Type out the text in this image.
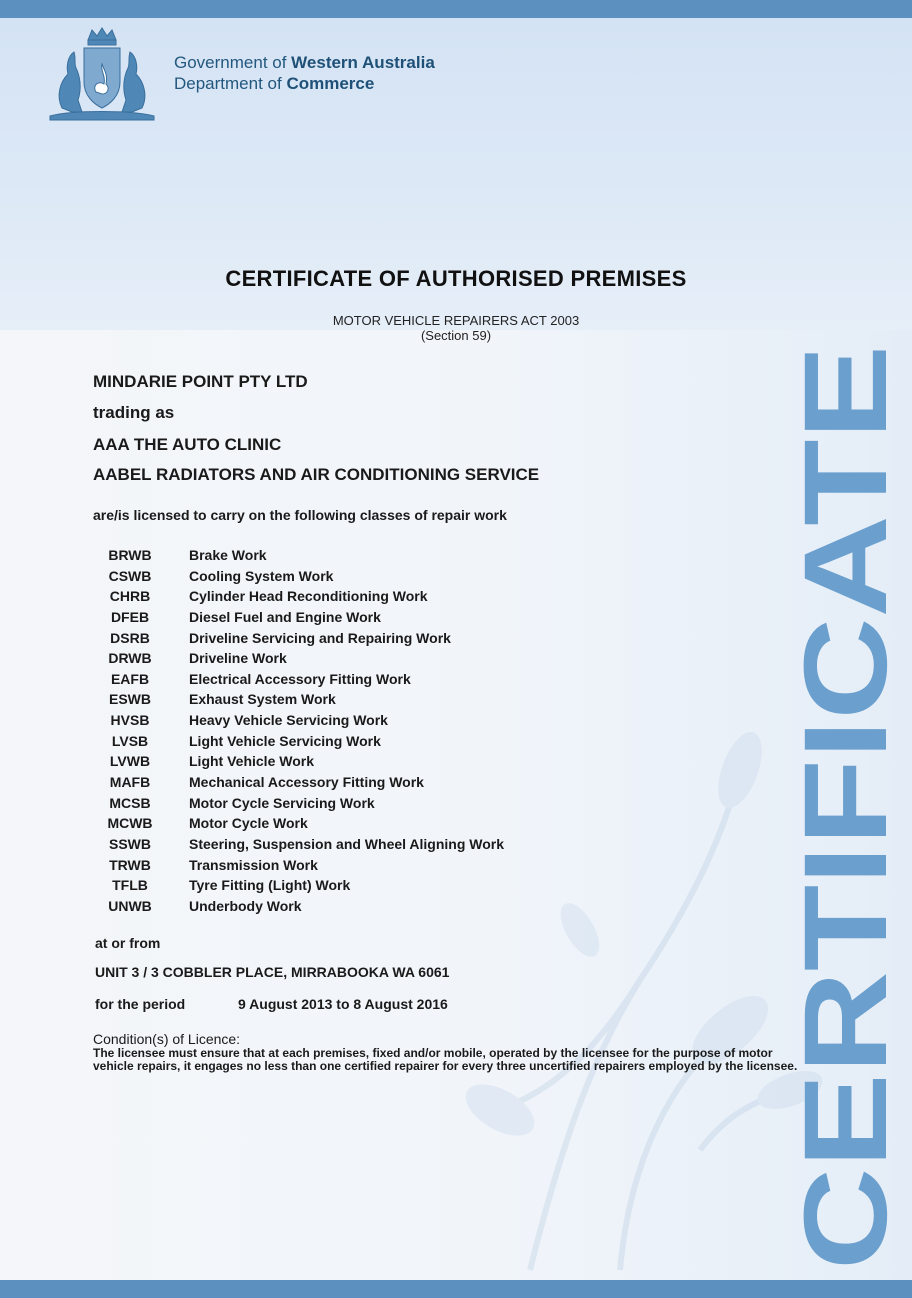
Government of Western Australia
Department of Commerce
CERTIFICATE OF AUTHORISED PREMISES
MOTOR VEHICLE REPAIRERS ACT 2003
(Section 59)
MINDARIE POINT PTY LTD
trading as
AAA THE AUTO CLINIC
AABEL RADIATORS AND AIR CONDITIONING SERVICE
are/is licensed to carry on the following classes of repair work
BRWB	Brake Work
CSWB	Cooling System Work
CHRB	Cylinder Head Reconditioning Work
DFEB	Diesel Fuel and Engine Work
DSRB	Driveline Servicing and Repairing Work
DRWB	Driveline Work
EAFB	Electrical Accessory Fitting Work
ESWB	Exhaust System Work
HVSB	Heavy Vehicle Servicing Work
LVSB	Light Vehicle Servicing Work
LVWB	Light Vehicle Work
MAFB	Mechanical Accessory Fitting Work
MCSB	Motor Cycle Servicing Work
MCWB	Motor Cycle Work
SSWB	Steering, Suspension and Wheel Aligning Work
TRWB	Transmission Work
TFLB	Tyre Fitting (Light) Work
UNWB	Underbody Work
at or from
UNIT 3 / 3 COBBLER PLACE, MIRRABOOKA WA 6061
for the period	9 August 2013 to 8 August 2016
Condition(s) of Licence:
The licensee must ensure that at each premises, fixed and/or mobile, operated by the licensee for the purpose of motor vehicle repairs, it engages no less than one certified repairer for every three uncertified repairers employed by the licensee.
CERTIFICATE
